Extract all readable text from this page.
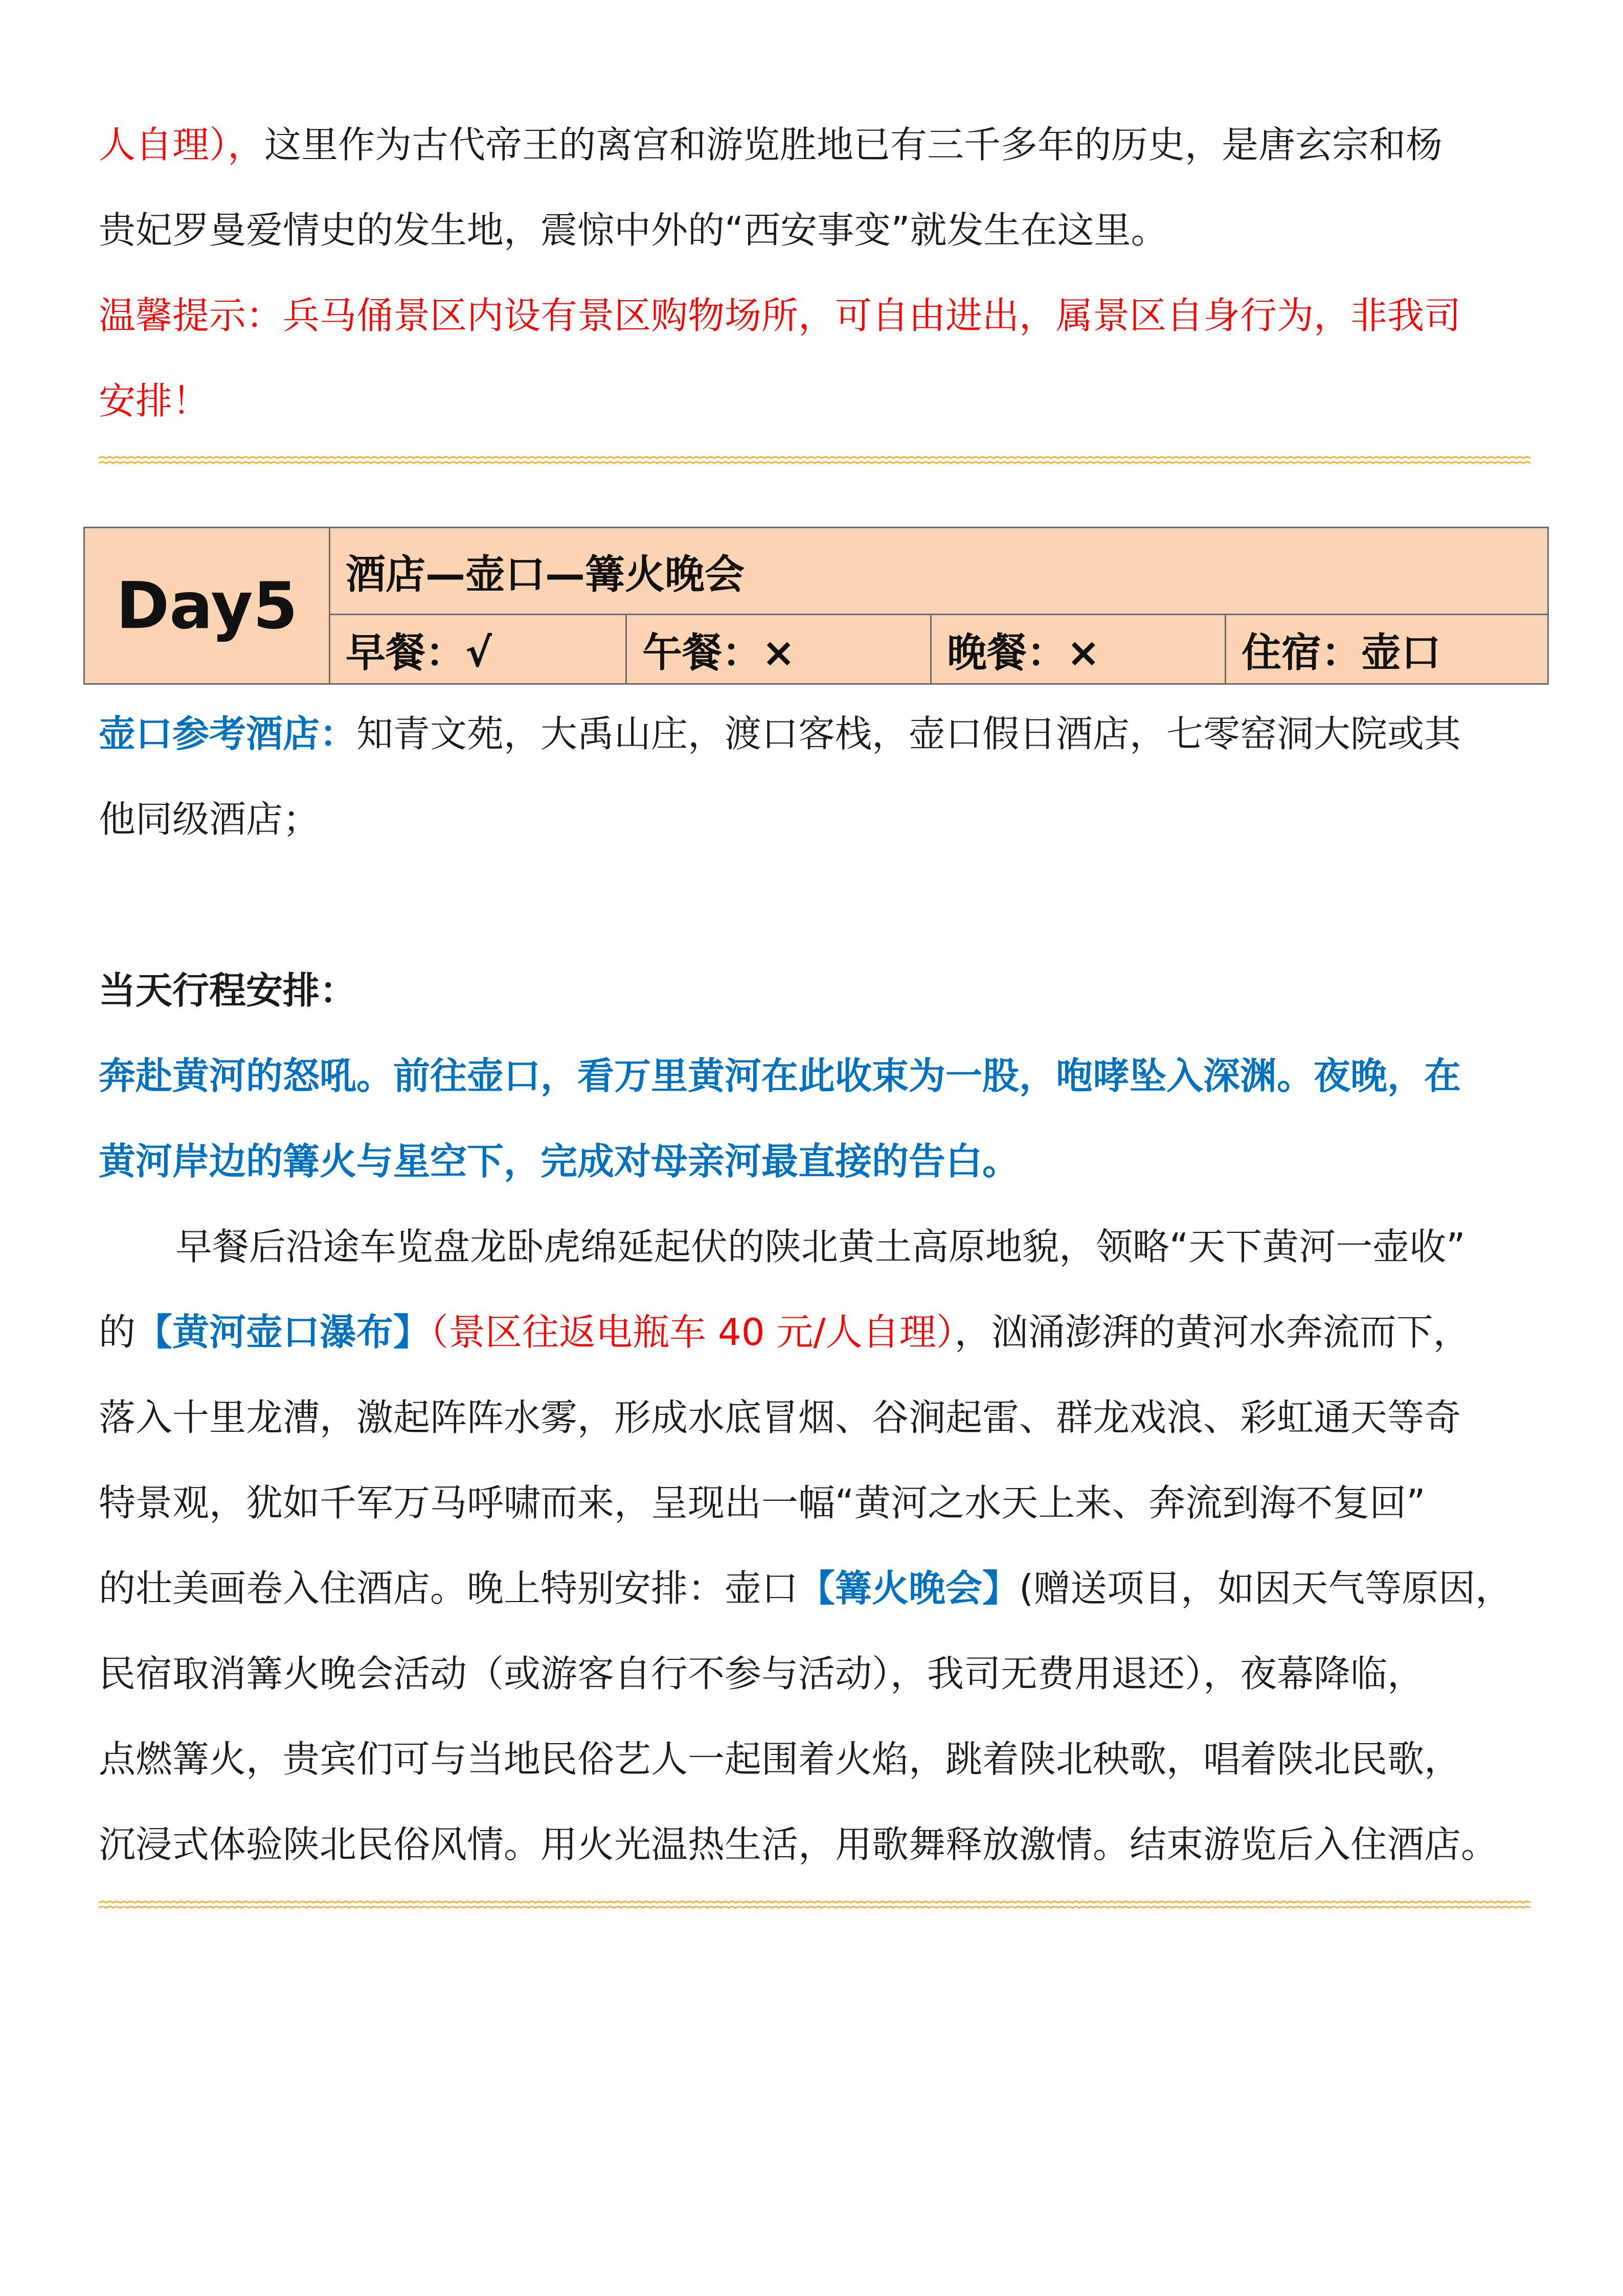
人自理），这里作为古代帝王的离宫和游览胜地已有三千多年的历史，是唐玄宗和杨
贵妃罗曼爱情史的发生地，震惊中外的“西安事变”就发生在这里。
温馨提示：兵马俑景区内设有景区购物场所，可自由进出，属景区自身行为，非我司
安排！
Day5	酒店—壶口—篝火晚会
早餐：√	午餐：×	晚餐：×	住宿：壶口
壶口参考酒店：知青文苑，大禹山庄，渡口客栈，壶口假日酒店，七零窑洞大院或其
他同级酒店；
当天行程安排：
奔赴黄河的怒吼。前往壶口，看万里黄河在此收束为一股，咆哮坠入深渊。夜晚，在
黄河岸边的篝火与星空下，完成对母亲河最直接的告白。
早餐后沿途车览盘龙卧虎绵延起伏的陕北黄土高原地貌，领略“天下黄河一壶收”
的【黄河壶口瀑布】（景区往返电瓶车 40 元/人自理），汹涌澎湃的黄河水奔流而下，
落入十里龙漕，激起阵阵水雾，形成水底冒烟、谷涧起雷、群龙戏浪、彩虹通天等奇
特景观，犹如千军万马呼啸而来，呈现出一幅“黄河之水天上来、奔流到海不复回”
的壮美画卷入住酒店。晚上特别安排：壶口【篝火晚会】(赠送项目，如因天气等原因，
民宿取消篝火晚会活动（或游客自行不参与活动），我司无费用退还），夜幕降临，
点燃篝火，贵宾们可与当地民俗艺人一起围着火焰，跳着陕北秧歌，唱着陕北民歌，
沉浸式体验陕北民俗风情。用火光温热生活，用歌舞释放激情。结束游览后入住酒店。
